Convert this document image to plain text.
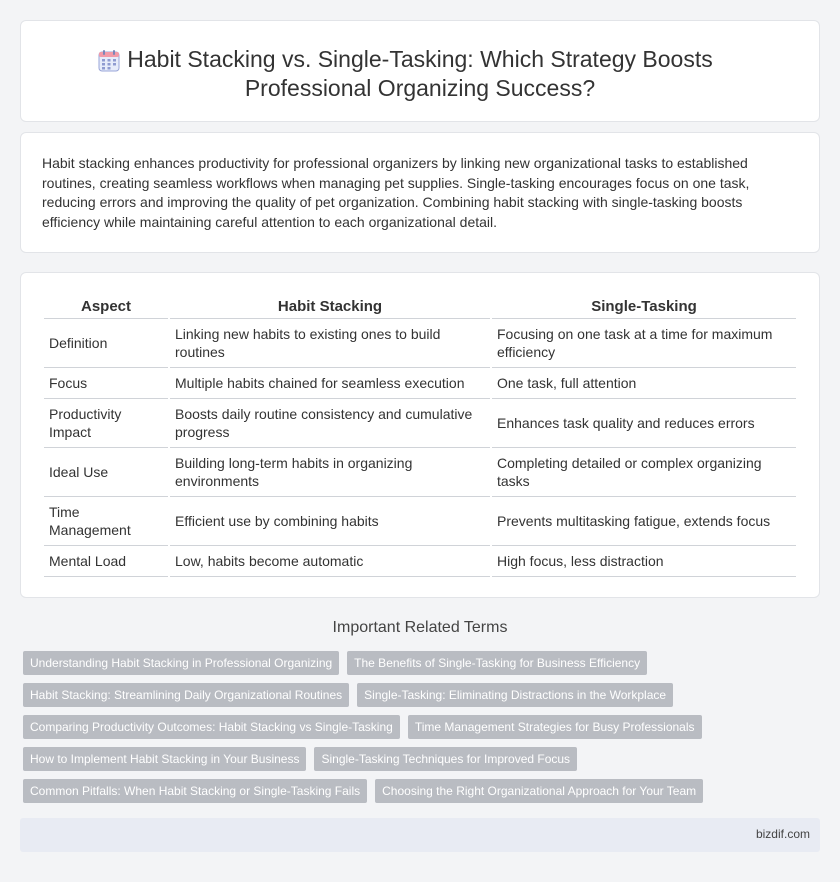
Habit Stacking vs. Single-Tasking: Which Strategy Boosts Professional Organizing Success?

Habit stacking enhances productivity for professional organizers by linking new organizational tasks to established routines, creating seamless workflows when managing pet supplies. Single-tasking encourages focus on one task, reducing errors and improving the quality of pet organization. Combining habit stacking with single-tasking boosts efficiency while maintaining careful attention to each organizational detail.

Aspect	Habit Stacking	Single-Tasking
Definition	Linking new habits to existing ones to build routines	Focusing on one task at a time for maximum efficiency
Focus	Multiple habits chained for seamless execution	One task, full attention
Productivity Impact	Boosts daily routine consistency and cumulative progress	Enhances task quality and reduces errors
Ideal Use	Building long-term habits in organizing environments	Completing detailed or complex organizing tasks
Time Management	Efficient use by combining habits	Prevents multitasking fatigue, extends focus
Mental Load	Low, habits become automatic	High focus, less distraction
Important Related Terms
Understanding Habit Stacking in Professional Organizing	The Benefits of Single-Tasking for Business Efficiency
Habit Stacking: Streamlining Daily Organizational Routines	Single-Tasking: Eliminating Distractions in the Workplace
Comparing Productivity Outcomes: Habit Stacking vs Single-Tasking	Time Management Strategies for Busy Professionals
How to Implement Habit Stacking in Your Business	Single-Tasking Techniques for Improved Focus
Common Pitfalls: When Habit Stacking or Single-Tasking Fails	Choosing the Right Organizational Approach for Your Team
bizdif.com
